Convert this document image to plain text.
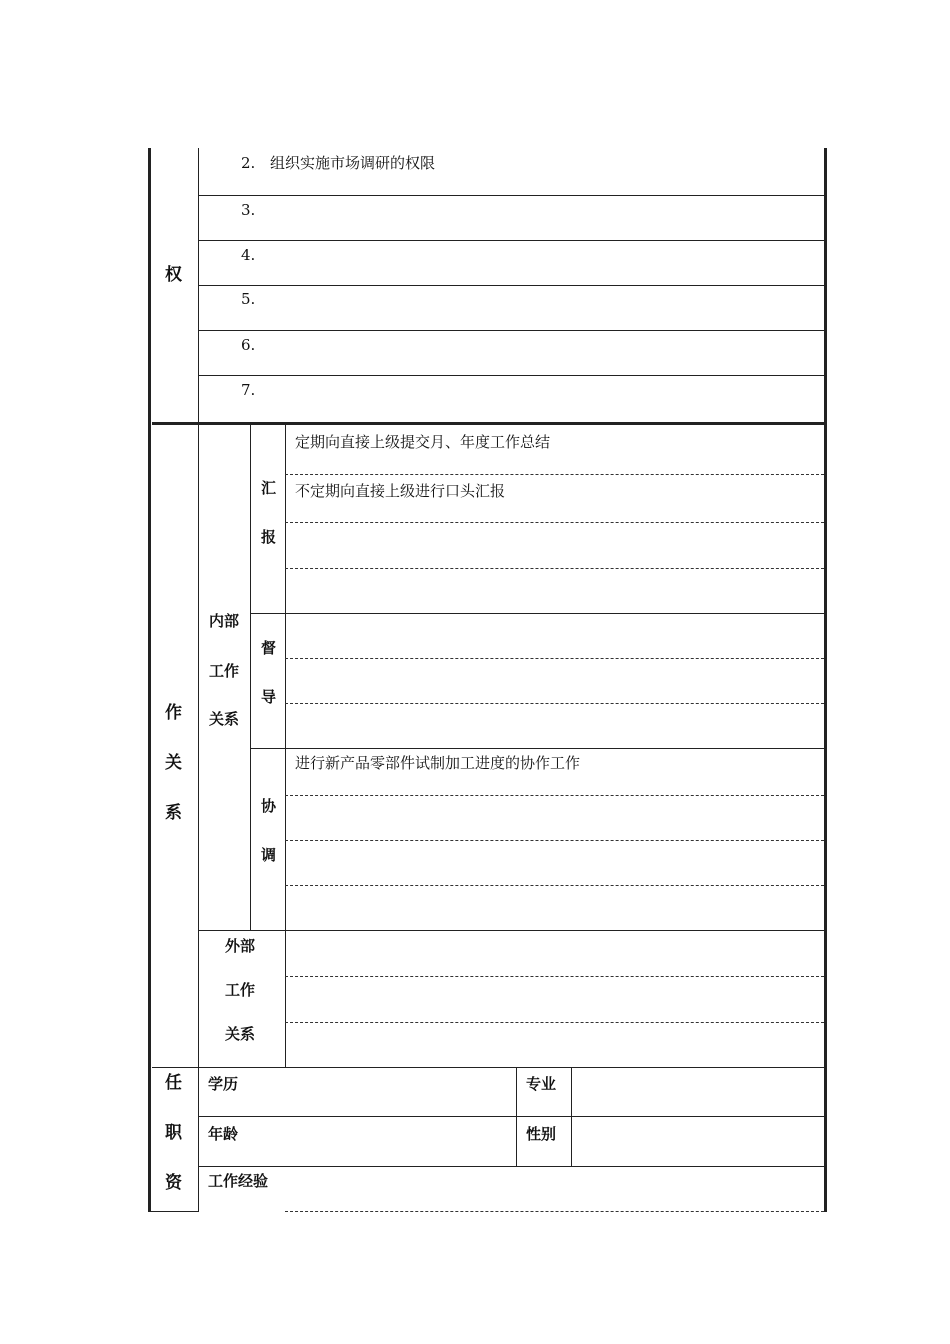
权
2. 组织实施市场调研的权限
3.
4.
5.
6.
7.
作
关
系
内部
工作
关系
汇
报
定期向直接上级提交月、年度工作总结
不定期向直接上级进行口头汇报
督
导
协
调
进行新产品零部件试制加工进度的协作工作
外部
工作
关系
任
职
资
学历	专业
年龄	性别
工作经验
